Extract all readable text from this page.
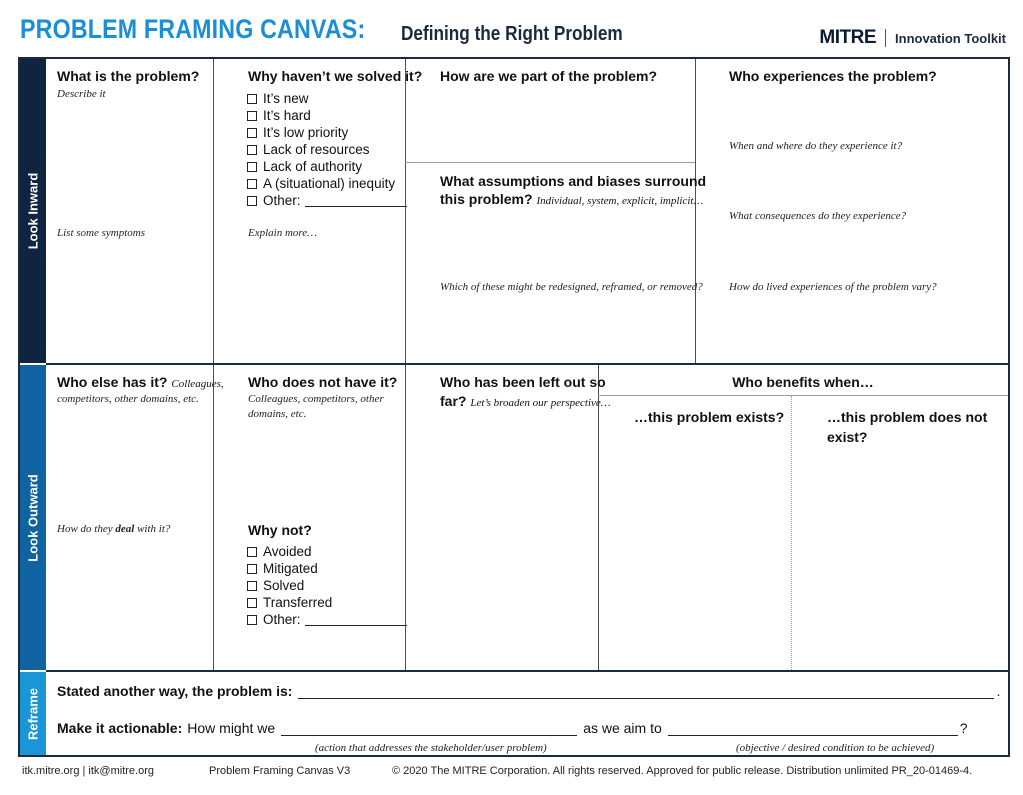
PROBLEM FRAMING CANVAS: Defining the Right Problem	MITRE Innovation Toolkit
Look Inward
Look Outward
Reframe
What is the problem?
Describe it
List some symptoms
Why haven’t we solved it?
It’s new
It’s hard
It’s low priority
Lack of resources
Lack of authority
A (situational) inequity
Other:
Explain more…
How are we part of the problem?
What assumptions and biases surround
this problem? Individual, system, explicit, implicit…
Which of these might be redesigned, reframed, or removed?
Who experiences the problem?
When and where do they experience it?
What consequences do they experience?
How do lived experiences of the problem vary?
Who else has it? Colleagues,
competitors, other domains, etc.
How do they deal with it?
Who does not have it?
Colleagues, competitors, other
domains, etc.
Why not?
Avoided
Mitigated
Solved
Transferred
Other:
Who has been left out so
far? Let’s broaden our perspective…
Who benefits when…
…this problem exists?	…this problem does not
exist?
Stated another way, the problem is:	.
Make it actionable: How might we	as we aim to	?
(action that addresses the stakeholder/user problem)	(objective / desired condition to be achieved)
itk.mitre.org | itk@mitre.org	Problem Framing Canvas V3	© 2020 The MITRE Corporation. All rights reserved. Approved for public release. Distribution unlimited PR_20-01469-4.
